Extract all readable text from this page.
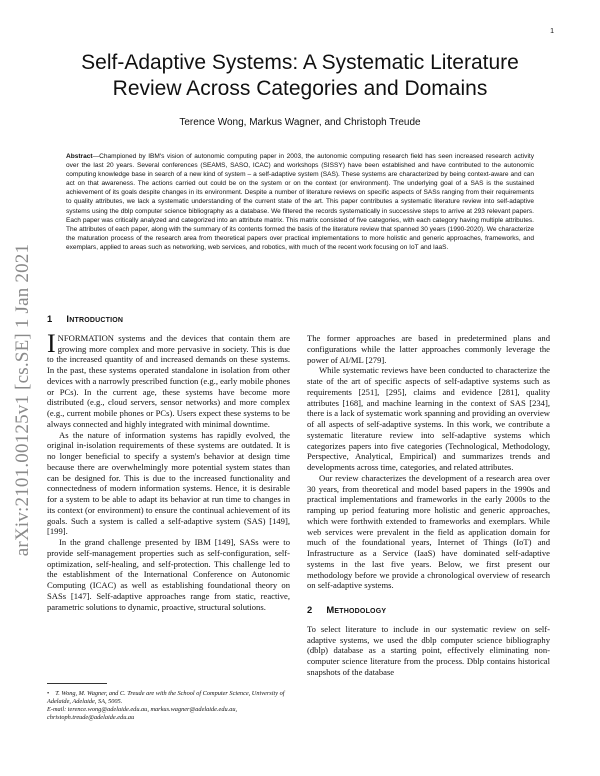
1
arXiv:2101.00125v1 [cs.SE] 1 Jan 2021
Self-Adaptive Systems: A Systematic Literature Review Across Categories and Domains
Terence Wong, Markus Wagner, and Christoph Treude
Abstract—Championed by IBM's vision of autonomic computing paper in 2003, the autonomic computing research field has seen increased research activity over the last 20 years. Several conferences (SEAMS, SASO, ICAC) and workshops (SISSY) have been established and have contributed to the autonomic computing knowledge base in search of a new kind of system – a self-adaptive system (SAS). These systems are characterized by being context-aware and can act on that awareness. The actions carried out could be on the system or on the context (or environment). The underlying goal of a SAS is the sustained achievement of its goals despite changes in its environment. Despite a number of literature reviews on specific aspects of SASs ranging from their requirements to quality attributes, we lack a systematic understanding of the current state of the art. This paper contributes a systematic literature review into self-adaptive systems using the dblp computer science bibliography as a database. We filtered the records systematically in successive steps to arrive at 293 relevant papers. Each paper was critically analyzed and categorized into an attribute matrix. This matrix consisted of five categories, with each category having multiple attributes. The attributes of each paper, along with the summary of its contents formed the basis of the literature review that spanned 30 years (1990-2020). We characterize the maturation process of the research area from theoretical papers over practical implementations to more holistic and generic approaches, frameworks, and exemplars, applied to areas such as networking, web services, and robotics, with much of the recent work focusing on IoT and IaaS.
1 Introduction

INFORMATION systems and the devices that contain them are growing more complex and more pervasive in society. This is due to the increased quantity of and increased demands on these systems. In the past, these systems operated standalone in isolation from other devices with a narrowly prescribed function (e.g., early mobile phones or PCs). In the current age, these systems have become more distributed (e.g., cloud servers, sensor networks) and more complex (e.g., current mobile phones or PCs). Users expect these systems to be always connected and highly integrated with minimal downtime.

As the nature of information systems has rapidly evolved, the original in-isolation requirements of these systems are outdated. It is no longer beneficial to specify a system's behavior at design time because there are overwhelmingly more potential system states than can be designed for. This is due to the increased functionality and connectedness of modern information systems. Hence, it is desirable for a system to be able to adapt its behavior at run time to changes in its context (or environment) to ensure the continual achievement of its goals. Such a system is called a self-adaptive system (SAS) [149], [199].

In the grand challenge presented by IBM [149], SASs were to provide self-management properties such as self-configuration, self-optimization, self-healing, and self-protection. This challenge led to the establishment of the International Conference on Autonomic Computing (ICAC) as well as establishing foundational theory on SASs [147]. Self-adaptive approaches range from static, reactive, parametric solutions to dynamic, proactive, structural solutions.

The former approaches are based in predetermined plans and configurations while the latter approaches commonly leverage the power of AI/ML [279].

While systematic reviews have been conducted to characterize the state of the art of specific aspects of self-adaptive systems such as requirements [251], [295], claims and evidence [281], quality attributes [168], and machine learning in the context of SAS [234], there is a lack of systematic work spanning and providing an overview of all aspects of self-adaptive systems. In this work, we contribute a systematic literature review into self-adaptive systems which categorizes papers into five categories (Technological, Methodology, Perspective, Analytical, Empirical) and summarizes trends and developments across time, categories, and related attributes.

Our review characterizes the development of a research area over 30 years, from theoretical and model based papers in the 1990s and practical implementations and frameworks in the early 2000s to the ramping up period featuring more holistic and generic approaches, which were forthwith extended to frameworks and exemplars. While web services were prevalent in the field as application domain for much of the foundational years, Internet of Things (IoT) and Infrastructure as a Service (IaaS) have dominated self-adaptive systems in the last five years. Below, we first present our methodology before we provide a chronological overview of research on self-adaptive systems.

2 Methodology

To select literature to include in our systematic review on self-adaptive systems, we used the dblp computer science bibliography (dblp) database as a starting point, effectively eliminating non-computer science literature from the process. Dblp contains historical snapshots of the database

• T. Wong, M. Wagner, and C. Treude are with the School of Computer Science, University of Adelaide, Adelaide, SA, 5005.
E-mail: terence.wong@adelaide.edu.au, markus.wagner@adelaide.edu.au, christoph.treude@adelaide.edu.au
